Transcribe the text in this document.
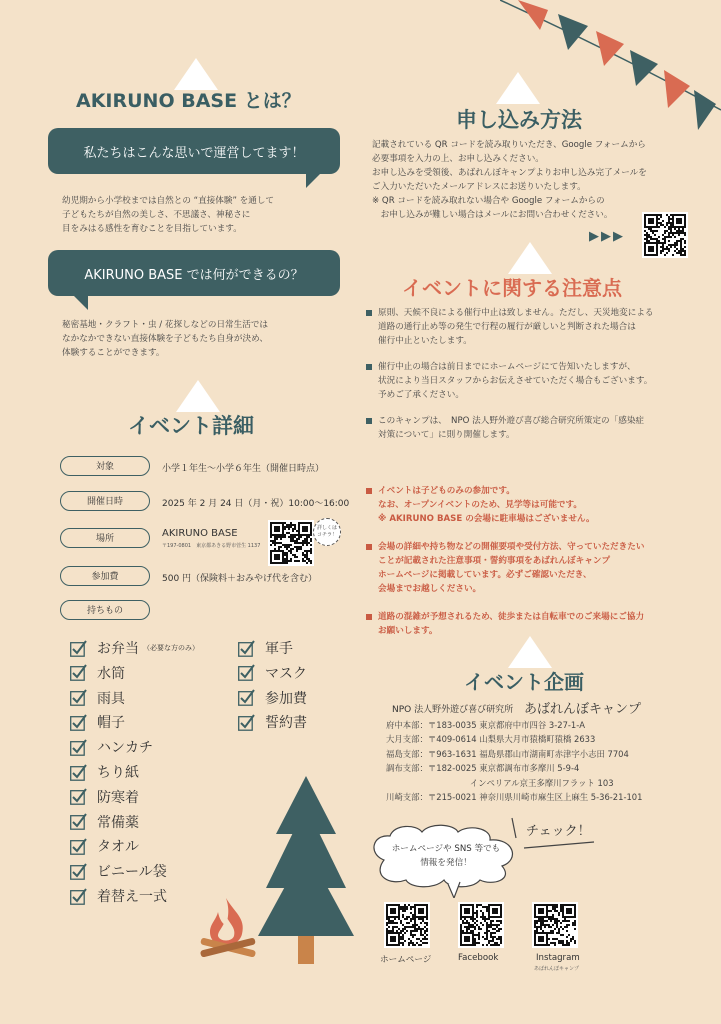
AKIRUNO BASE とは？
私たちはこんな思いで運営してます！
幼児期から小学校までは自然との “直接体験” を通して
子どもたちが自然の美しさ、不思議さ、神秘さに
目をみはる感性を育むことを目指しています。
AKIRUNO BASE では何ができるの？
秘密基地・クラフト・虫 / 花探しなどの日常生活では
なかなかできない直接体験を子どもたち自身が決め、
体験することができます。
イベント詳細
対象	小学１年生〜小学６年生（開催日時点）
開催日時	2025 年 2 月 24 日（月・祝）10:00〜16:00
場所	AKIRUNO BASE
〒197-0801　東京都あきる野市菅生 1137
詳しくは
コチラ！
参加費	500 円（保険料＋おみやげ代を含む）
持ちもの
申し込み方法
記載されている QR コードを読み取りいただき、Google フォームから
必要事項を入力の上、お申し込みください。
お申し込みを受領後、あばれんぼキャンプよりお申し込み完了メールを
ご入力いただいたメールアドレスにお送りいたします。
※ QR コードを読み取れない場合や Google フォームからの
　お申し込みが難しい場合はメールにお問い合わせください。
▶▶▶
イベントに関する注意点
イベント企画
NPO 法人野外遊び喜び研究所 あばれんぼキャンプ
チェック！
ホームページや SNS 等でも
情報を発信！
ホームページ	Facebook	Instagram
あばれんぼキャンプ
お弁当 （必要な方のみ）
水筒
雨具
帽子
ハンカチ
ちり紙
防寒着
常備薬
タオル
ビニール袋
着替え一式
軍手
マスク
参加費
誓約書
原則、天候不良による催行中止は致しません。ただし、天災地変による
道路の通行止め等の発生で行程の履行が厳しいと判断された場合は
催行中止といたします。
催行中止の場合は前日までにホームページにて告知いたしますが、
状況により当日スタッフからお伝えさせていただく場合もございます。
予めご了承ください。
このキャンプは、　NPO 法人野外遊び喜び総合研究所策定の「感染症
対策について」に則り開催します。
イベントは子どものみの参加です。
なお、オープンイベントのため、見学等は可能です。
※ AKIRUNO BASE の会場に駐車場はございません。
会場の詳細や持ち物などの開催要項や受付方法、守っていただきたい
ことが記載された注意事項・誓約事項をあばれんぼキャンプ
ホームページに掲載しています。必ずご確認いただき、
会場までお越しください。
道路の混雑が予想されるため、徒歩または自転車でのご来場にご協力
お願いします。
府中本部：〒183-0035 東京都府中市四谷 3-27-1-A
大月支部：〒409-0614 山梨県大月市猿橋町猿橋 2633
福島支部：〒963-1631 福島県郡山市湖南町赤津字小志田 7704
調布支部：〒182-0025 東京都調布市多摩川 5-9-4
　　　　　　　　　　インペリアル京王多摩川フラット 103
川崎支部：〒215-0021 神奈川県川崎市麻生区上麻生 5-36-21-101
